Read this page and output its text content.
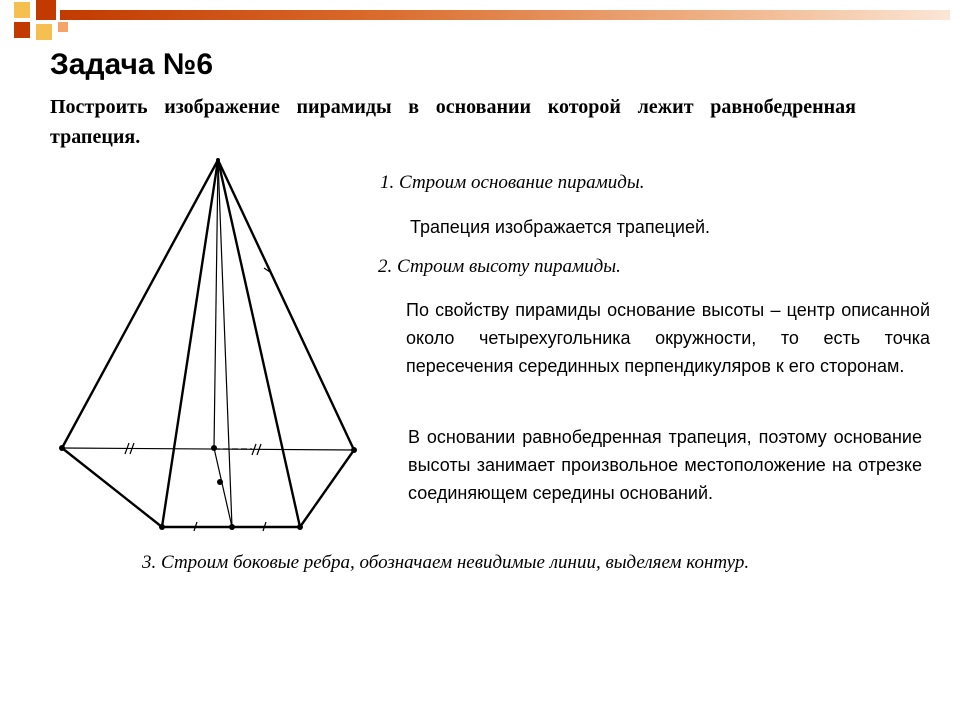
Задача №6

Построить изображение пирамиды в основании которой лежит равнобедренная трапеция.

1. Строим основание пирамиды.

Трапеция изображается трапецией.

2. Строим высоту пирамиды.

По свойству пирамиды основание высоты – центр описанной около четырехугольника окружности, то есть точка пересечения серединных перпендикуляров к его сторонам.

В основании равнобедренная трапеция, поэтому основание высоты занимает произвольное местоположение на отрезке соединяющем середины оснований.

3. Строим боковые ребра, обозначаем невидимые линии, выделяем контур.
